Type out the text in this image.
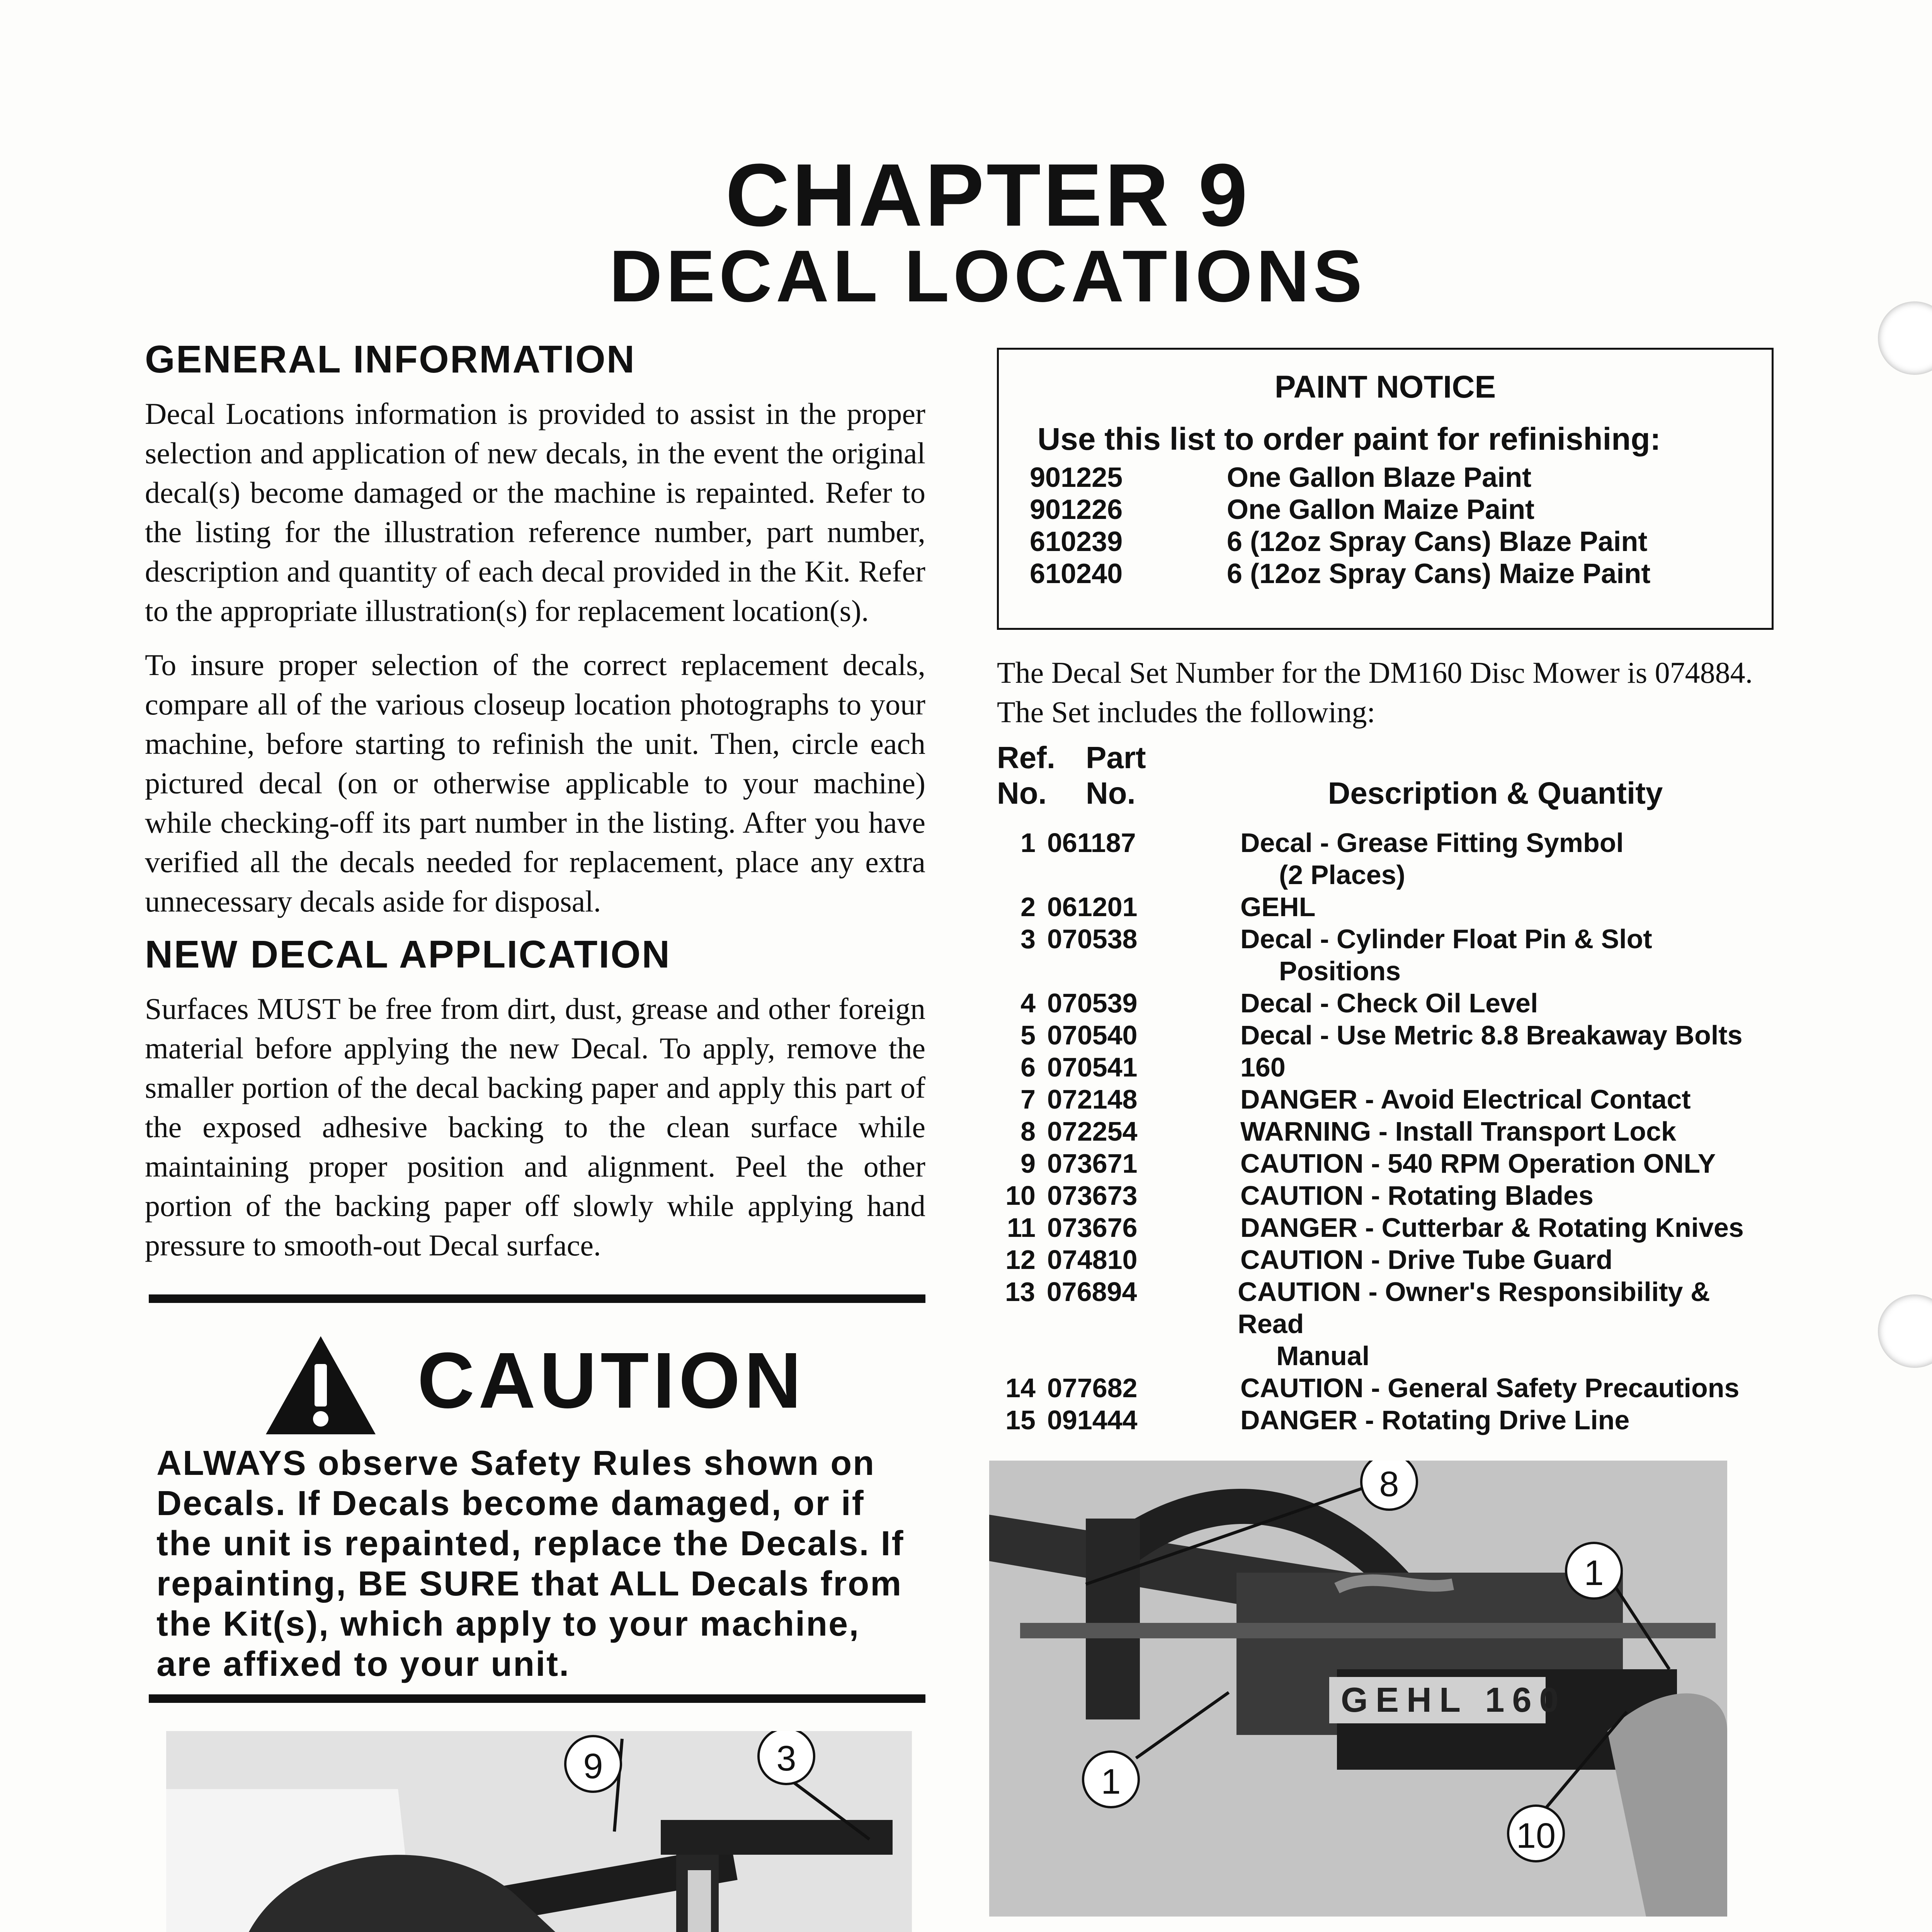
CHAPTER 9
DECAL LOCATIONS
GENERAL INFORMATION
Decal Locations information is provided to assist in the proper selection and application of new decals, in the event the original decal(s) become damaged or the machine is repainted. Refer to the listing for the illustration reference number, part number, description and quantity of each decal provided in the Kit. Refer to the appropriate illustration(s) for replacement location(s).
To insure proper selection of the correct replacement decals, compare all of the various closeup location photographs to your machine, before starting to refinish the unit. Then, circle each pictured decal (on or otherwise applicable to your machine) while checking-off its part number in the listing. After you have verified all the decals needed for replacement, place any extra unnecessary decals aside for disposal.
NEW DECAL APPLICATION
Surfaces MUST be free from dirt, dust, grease and other foreign material before applying the new Decal. To apply, remove the smaller portion of the decal backing paper and apply this part of the exposed adhesive backing to the clean surface while maintaining proper position and alignment. Peel the other portion of the backing paper off slowly while applying hand pressure to smooth-out Decal surface.
CAUTION
ALWAYS observe Safety Rules shown on Decals. If Decals become damaged, or if the unit is repainted, replace the Decals. If repainting, BE SURE that ALL Decals from the Kit(s), which apply to your machine, are affixed to your unit.
PAINT NOTICE
Use this list to order paint for refinishing:
901225	One Gallon Blaze Paint
901226	One Gallon Maize Paint
610239	6 (12oz Spray Cans) Blaze Paint
610240	6 (12oz Spray Cans) Maize Paint
The Decal Set Number for the DM160 Disc Mower is 074884. The Set includes the following:
Ref.
No.
Part
No.	Description & Quantity
1 061187	Decal - Grease Fitting Symbol
(2 Places)
2 061201	GEHL
3 070538	Decal - Cylinder Float Pin & Slot
Positions
4 070539	Decal - Check Oil Level
5 070540	Decal - Use Metric 8.8 Breakaway Bolts
6 070541	160
7 072148	DANGER - Avoid Electrical Contact
8 072254	WARNING - Install Transport Lock
9 073671	CAUTION - 540 RPM Operation ONLY
10 073673	CAUTION - Rotating Blades
11 073676	DANGER - Cutterbar & Rotating Knives
12 074810	CAUTION - Drive Tube Guard
13 076894	CAUTION - Owner's Responsibility & Read
Manual
14 077682	CAUTION - General Safety Precautions
15 091444	DANGER - Rotating Drive Line
GEHL 160
8
1
1
10
9	3
